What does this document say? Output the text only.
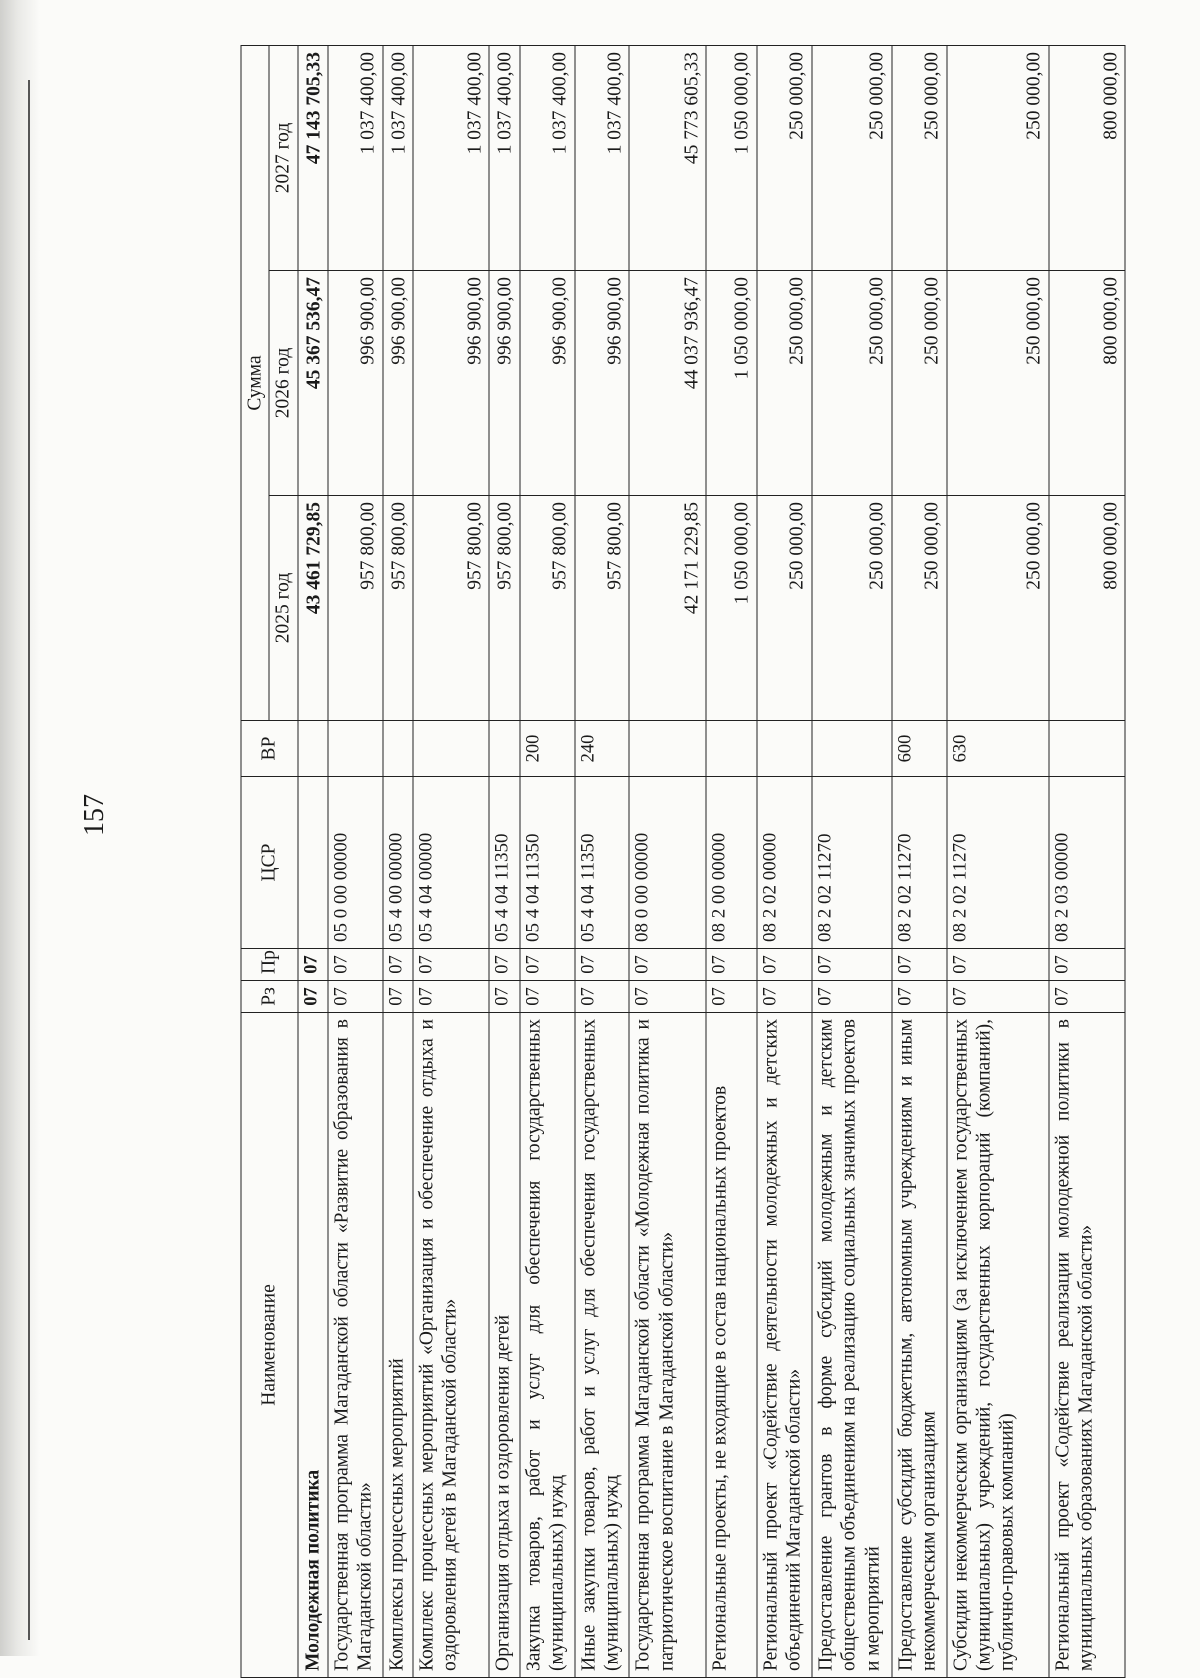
157
Наименование	Рз	Пр	ЦСР	ВР	Сумма		
					2025 год	2026 год	2027 год
Молодежная политика	07	07			43 461 729,85	45 367 536,47	47 143 705,33
Государственная программа Магаданской области «Развитие образования в Магаданской области»	07	07	05 0 00 00000		957 800,00	996 900,00	1 037 400,00
Комплексы процессных мероприятий	07	07	05 4 00 00000		957 800,00	996 900,00	1 037 400,00
Комплекс процессных мероприятий «Организация и обеспечение отдыха и оздоровления детей в Магаданской области»	07	07	05 4 04 00000		957 800,00	996 900,00	1 037 400,00
Организация отдыха и оздоровления детей	07	07	05 4 04 11350		957 800,00	996 900,00	1 037 400,00
Закупка товаров, работ и услуг для обеспечения государственных (муниципальных) нужд	07	07	05 4 04 11350	200	957 800,00	996 900,00	1 037 400,00
Иные закупки товаров, работ и услуг для обеспечения государственных (муниципальных) нужд	07	07	05 4 04 11350	240	957 800,00	996 900,00	1 037 400,00
Государственная программа Магаданской области «Молодежная политика и патриотическое воспитание в Магаданской области»	07	07	08 0 00 00000		42 171 229,85	44 037 936,47	45 773 605,33
Региональные проекты, не входящие в состав национальных проектов	07	07	08 2 00 00000		1 050 000,00	1 050 000,00	1 050 000,00
Региональный проект «Содействие деятельности молодежных и детских объединений Магаданской области»	07	07	08 2 02 00000		250 000,00	250 000,00	250 000,00
Предоставление грантов в форме субсидий молодежным и детским общественным объединениям на реализацию социальных значимых проектов и мероприятий	07	07	08 2 02 11270		250 000,00	250 000,00	250 000,00
Предоставление субсидий бюджетным, автономным учреждениям и иным некоммерческим организациям	07	07	08 2 02 11270	600	250 000,00	250 000,00	250 000,00
Субсидии некоммерческим организациям (за исключением государственных (муниципальных) учреждений, государственных корпораций (компаний), публично-правовых компаний)	07	07	08 2 02 11270	630	250 000,00	250 000,00	250 000,00
Региональный проект «Содействие реализации молодежной политики в муниципальных образованиях Магаданской области»	07	07	08 2 03 00000		800 000,00	800 000,00	800 000,00
